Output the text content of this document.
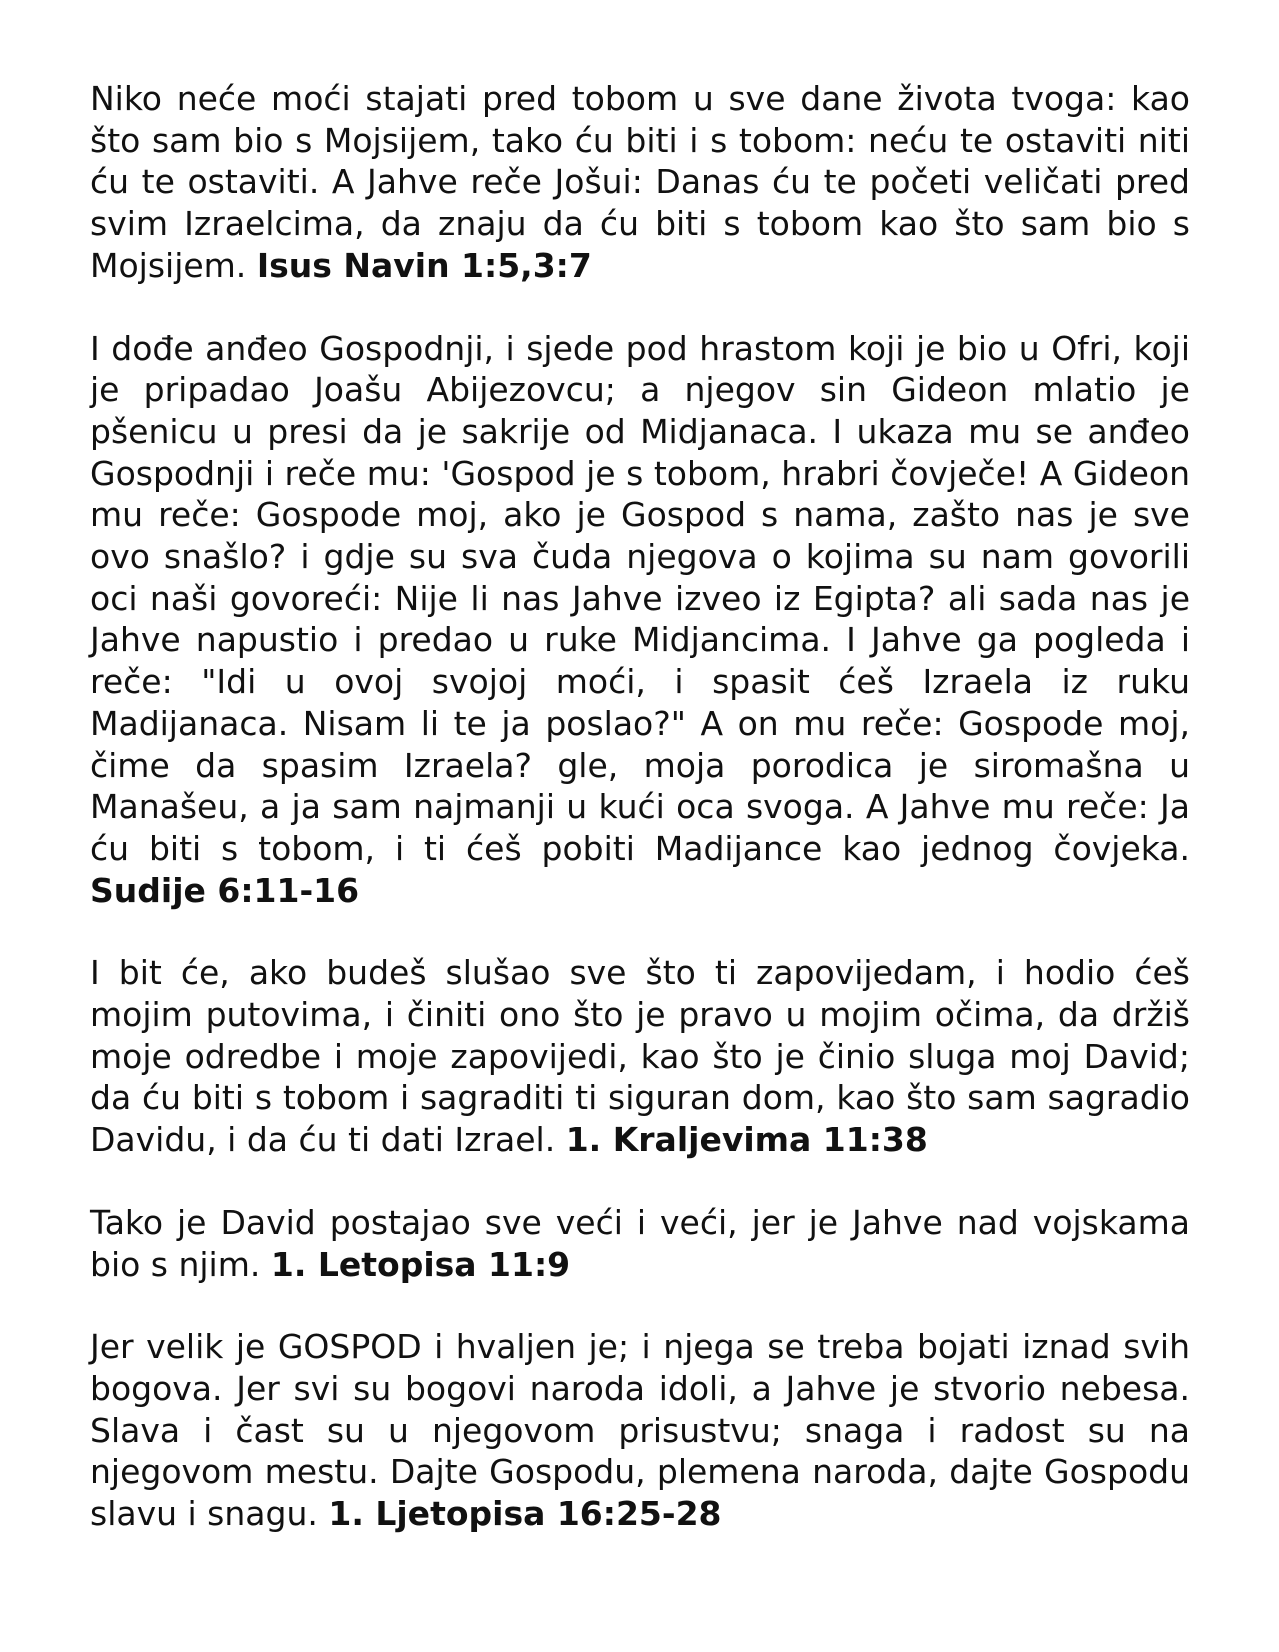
Niko neće moći stajati pred tobom u sve dane života tvoga: kao što sam bio s Mojsijem, tako ću biti i s tobom: neću te ostaviti niti ću te ostaviti. A Jahve reče Jošui: Danas ću te početi veličati pred svim Izraelcima, da znaju da ću biti s tobom kao što sam bio s Mojsijem. Isus Navin 1:5,3:7

I dođe anđeo Gospodnji, i sjede pod hrastom koji je bio u Ofri, koji je pripadao Joašu Abijezovcu; a njegov sin Gideon mlatio je pšenicu u presi da je sakrije od Midjanaca. I ukaza mu se anđeo Gospodnji i reče mu: 'Gospod je s tobom, hrabri čovječe! A Gideon mu reče: Gospode moj, ako je Gospod s nama, zašto nas je sve ovo snašlo? i gdje su sva čuda njegova o kojima su nam govorili oci naši govoreći: Nije li nas Jahve izveo iz Egipta? ali sada nas je Jahve napustio i predao u ruke Midjancima. I Jahve ga pogleda i reče: "Idi u ovoj svojoj moći, i spasit ćeš Izraela iz ruku Madijanaca. Nisam li te ja poslao?" A on mu reče: Gospode moj, čime da spasim Izraela? gle, moja porodica je siromašna u Manašeu, a ja sam najmanji u kući oca svoga. A Jahve mu reče: Ja ću biti s tobom, i ti ćeš pobiti Madijance kao jednog čovjeka. Sudije 6:11-16

I bit će, ako budeš slušao sve što ti zapovijedam, i hodio ćeš mojim putovima, i činiti ono što je pravo u mojim očima, da držiš moje odredbe i moje zapovijedi, kao što je činio sluga moj David; da ću biti s tobom i sagraditi ti siguran dom, kao što sam sagradio Davidu, i da ću ti dati Izrael. 1. Kraljevima 11:38

Tako je David postajao sve veći i veći, jer je Jahve nad vojskama bio s njim. 1. Letopisa 11:9

Jer velik je GOSPOD i hvaljen je; i njega se treba bojati iznad svih bogova. Jer svi su bogovi naroda idoli, a Jahve je stvorio nebesa. Slava i čast su u njegovom prisustvu; snaga i radost su na njegovom mestu. Dajte Gospodu, plemena naroda, dajte Gospodu slavu i snagu. 1. Ljetopisa 16:25-28
